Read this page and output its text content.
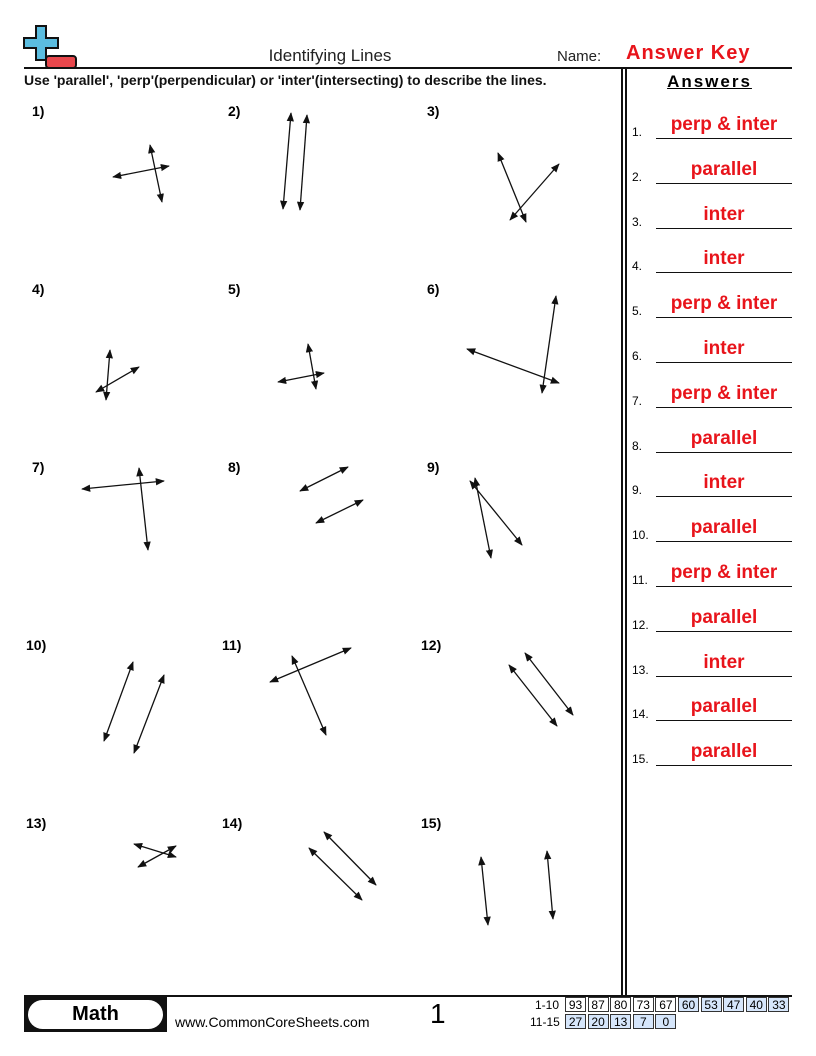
Identifying Lines	Name: Answer Key
Use 'parallel', 'perp'(perpendicular) or 'inter'(intersecting) to describe the lines.	Answers
1)	2)	3)
4)	5)	6)
7)	8)	9)
10)	11)	12)
13)	14)	15)
1.	perp & inter
2.	parallel
3.	inter
4.	inter
5.	perp & inter
6.	inter
7.	perp & inter
8.	parallel
9.	inter
10.	parallel
11.	perp & inter
12.	parallel
13.	inter
14.	parallel
15.	parallel
Math	www.CommonCoreSheets.com 1	1-10 93 87 80 73 67 60 53 47 40 33
11-15 27 20 13	7	0
